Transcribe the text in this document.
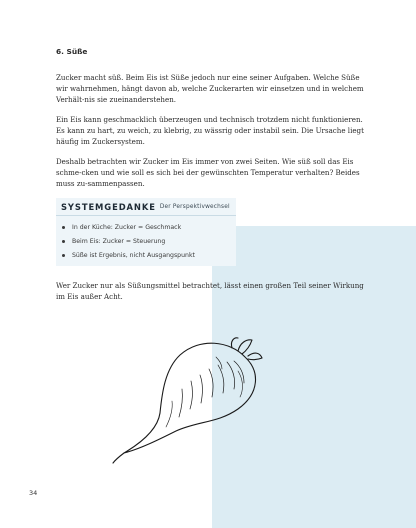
6. Süße

Zucker macht süß. Beim Eis ist Süße jedoch nur eine seiner Aufgaben. Welche Süße wir wahrnehmen, hängt davon ab, welche Zuckerarten wir einsetzen und in welchem Verhält-nis sie zueinanderstehen.

Ein Eis kann geschmacklich überzeugen und technisch trotzdem nicht funktionieren. Es kann zu hart, zu weich, zu klebrig, zu wässrig oder instabil sein. Die Ursache liegt häufig im Zuckersystem.

Deshalb betrachten wir Zucker im Eis immer von zwei Seiten. Wie süß soll das Eis schme-cken und wie soll es sich bei der gewünschten Temperatur verhalten? Beides muss zu-sammenpassen.

SYSTEMGEDANKE Der Perspektivwechsel
In der Küche: Zucker = Geschmack
Beim Eis: Zucker = Steuerung
Süße ist Ergebnis, nicht Ausgangspunkt

Wer Zucker nur als Süßungsmittel betrachtet, lässt einen großen Teil seiner Wirkung im Eis außer Acht.

34
